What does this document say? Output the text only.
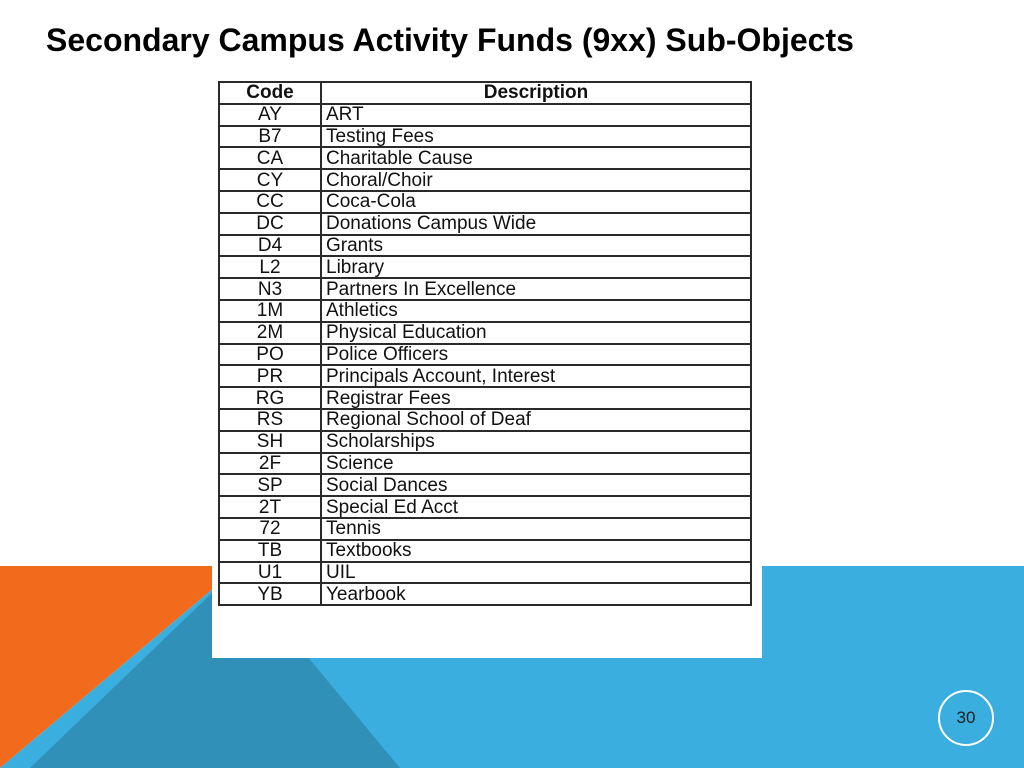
Secondary Campus Activity Funds (9xx) Sub-Objects
Code	Description
AY	ART
B7	Testing Fees
CA	Charitable Cause
CY	Choral/Choir
CC	Coca-Cola
DC	Donations Campus Wide
D4	Grants
L2	Library
N3	Partners In Excellence
1M	Athletics
2M	Physical Education
PO	Police Officers
PR	Principals Account, Interest
RG	Registrar Fees
RS	Regional School of Deaf
SH	Scholarships
2F	Science
SP	Social Dances
2T	Special Ed Acct
72	Tennis
TB	Textbooks
U1	UIL
YB	Yearbook
30
